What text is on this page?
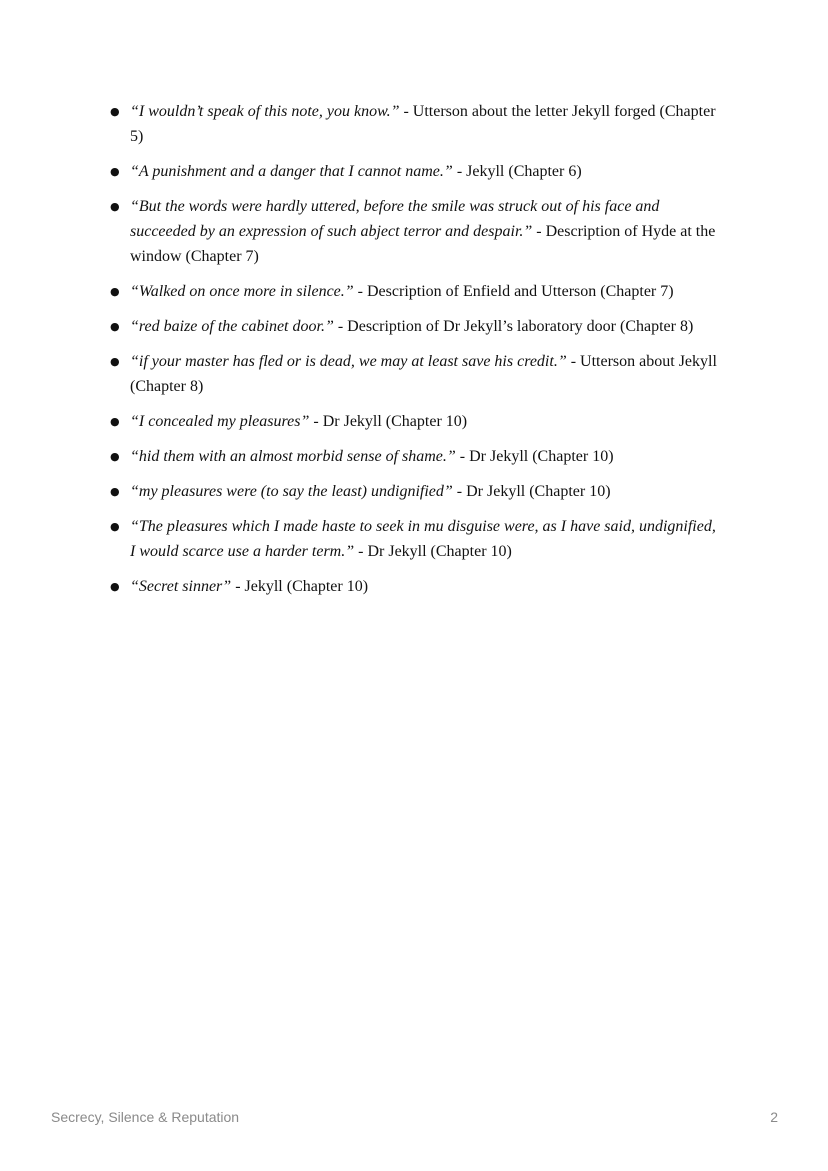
● “I wouldn’t speak of this note, you know.” - Utterson about the letter Jekyll forged (Chapter 5)
● “A punishment and a danger that I cannot name.” - Jekyll (Chapter 6)
● “But the words were hardly uttered, before the smile was struck out of his face and succeeded by an expression of such abject terror and despair.” - Description of Hyde at the window (Chapter 7)
● “Walked on once more in silence.” - Description of Enfield and Utterson (Chapter 7)
● “red baize of the cabinet door.” - Description of Dr Jekyll’s laboratory door (Chapter 8)
● “if your master has fled or is dead, we may at least save his credit.” - Utterson about Jekyll (Chapter 8)
● “I concealed my pleasures” - Dr Jekyll (Chapter 10)
● “hid them with an almost morbid sense of shame.” - Dr Jekyll (Chapter 10)
● “my pleasures were (to say the least) undignified” - Dr Jekyll (Chapter 10)
● “The pleasures which I made haste to seek in mu disguise were, as I have said, undignified, I would scarce use a harder term.” - Dr Jekyll (Chapter 10)
● “Secret sinner” - Jekyll (Chapter 10)
Secrecy, Silence & Reputation	2
